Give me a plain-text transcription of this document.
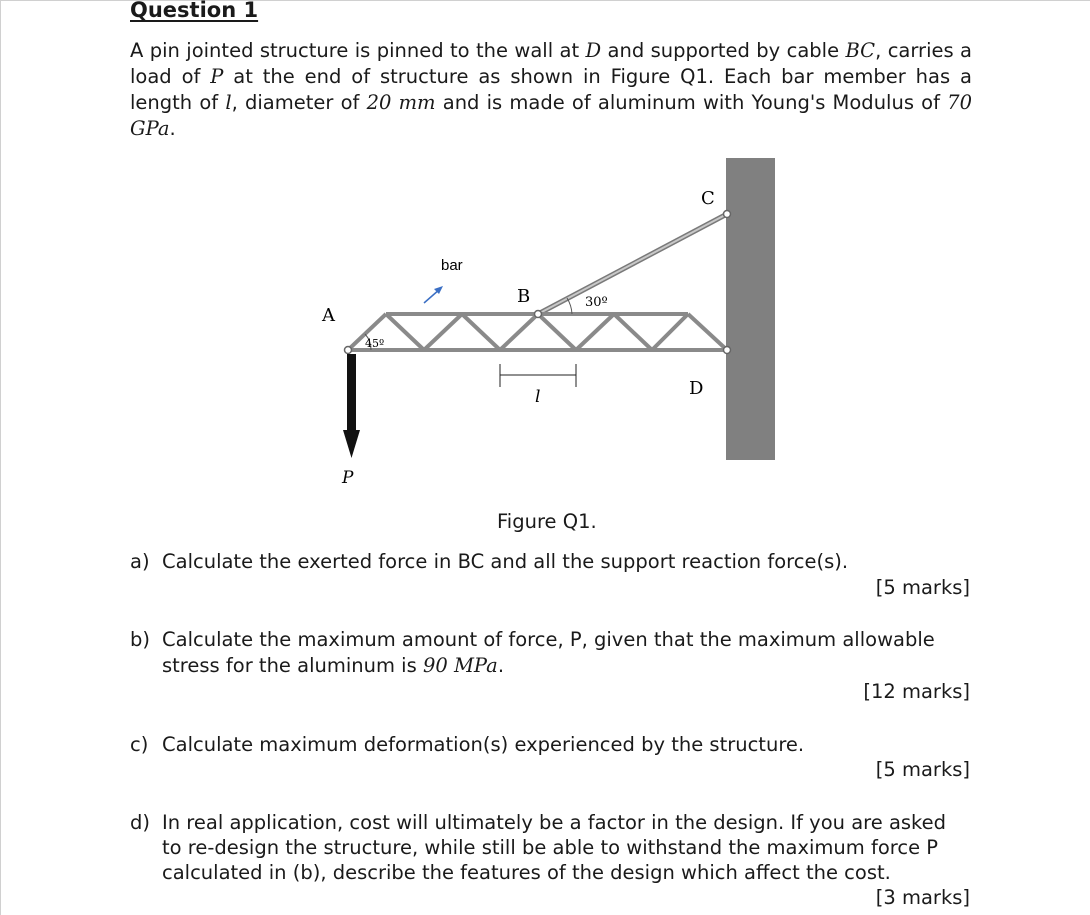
Question 1
A pin jointed structure is pinned to the wall at D and supported by cable BC, carries a load of P at the end of structure as shown in Figure Q1. Each bar member has a length of l, diameter of 20 mm and is made of aluminum with Young's Modulus of 70 GPa.
A
B
C
D
P
bar
l
45º
30º
Figure Q1.
a) Calculate the exerted force in BC and all the support reaction force(s).
[5 marks]
b) Calculate the maximum amount of force, P, given that the maximum allowable
stress for the aluminum is 90 MPa.
[12 marks]
c) Calculate maximum deformation(s) experienced by the structure.
[5 marks]
d) In real application, cost will ultimately be a factor in the design. If you are asked
to re-design the structure, while still be able to withstand the maximum force P
calculated in (b), describe the features of the design which affect the cost.
[3 marks]
